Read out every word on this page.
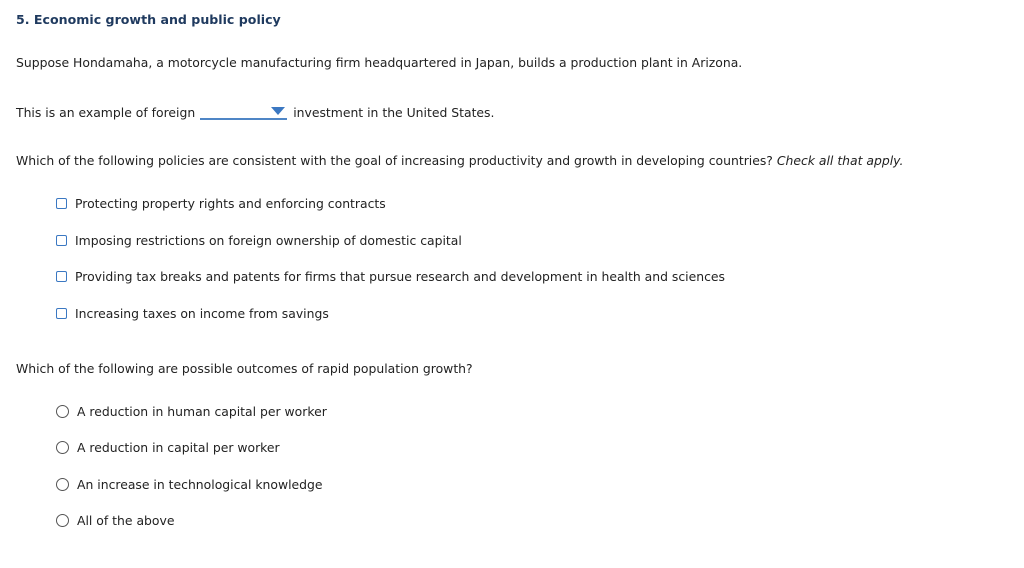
5. Economic growth and public policy
Suppose Hondamaha, a motorcycle manufacturing firm headquartered in Japan, builds a production plant in Arizona.
This is an example of foreign	investment in the United States.
Which of the following policies are consistent with the goal of increasing productivity and growth in developing countries? Check all that apply.
Protecting property rights and enforcing contracts
Imposing restrictions on foreign ownership of domestic capital
Providing tax breaks and patents for firms that pursue research and development in health and sciences
Increasing taxes on income from savings
Which of the following are possible outcomes of rapid population growth?
A reduction in human capital per worker
A reduction in capital per worker
An increase in technological knowledge
All of the above
